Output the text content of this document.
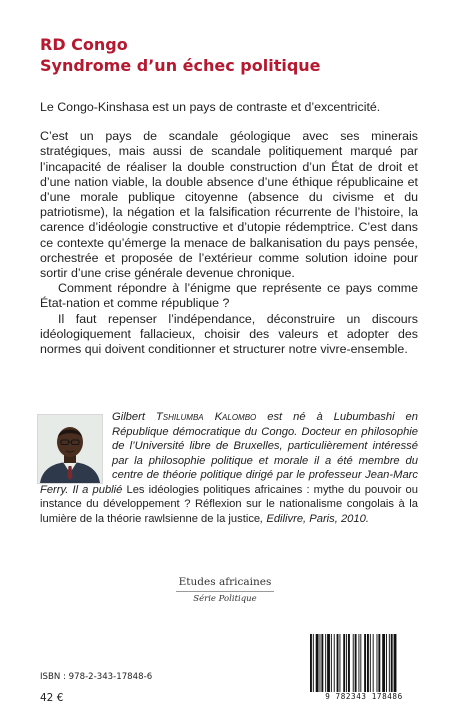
RD Congo
Syndrome d’un échec politique

Le Congo-Kinshasa est un pays de contraste et d’excentricité.

C’est un pays de scandale géologique avec ses minerais stratégiques, mais aussi de scandale politiquement marqué par l’incapacité de réaliser la double construction d’un État de droit et d’une nation viable, la double absence d’une éthique républicaine et d’une morale publique citoyenne (absence du civisme et du patriotisme), la négation et la falsification récurrente de l’histoire, la carence d’idéologie constructive et d’utopie rédemptrice. C’est dans ce contexte qu’émerge la menace de balkanisation du pays pensée, orchestrée et proposée de l’extérieur comme solution idoine pour sortir d’une crise générale devenue chronique.

Comment répondre à l’énigme que représente ce pays comme État-nation et comme république ?

Il faut repenser l’indépendance, déconstruire un discours idéologiquement fallacieux, choisir des valeurs et adopter des normes qui doivent conditionner et structurer notre vivre-ensemble.

Gilbert Tshilumba Kalombo est né à Lubumbashi en République démocratique du Congo. Docteur en philosophie de l’Université libre de Bruxelles, particulièrement intéressé par la philosophie politique et morale il a été membre du centre de théorie politique dirigé par le professeur Jean-Marc Ferry. Il a publié Les idéologies politiques africaines : mythe du pouvoir ou instance du développement ? Réflexion sur le nationalisme congolais à la lumière de la théorie rawlsienne de la justice, Edilivre, Paris, 2010.

Etudes africaines
Série Politique
ISBN : 978-2-343-17848-6
42 €	9 782343 178486
